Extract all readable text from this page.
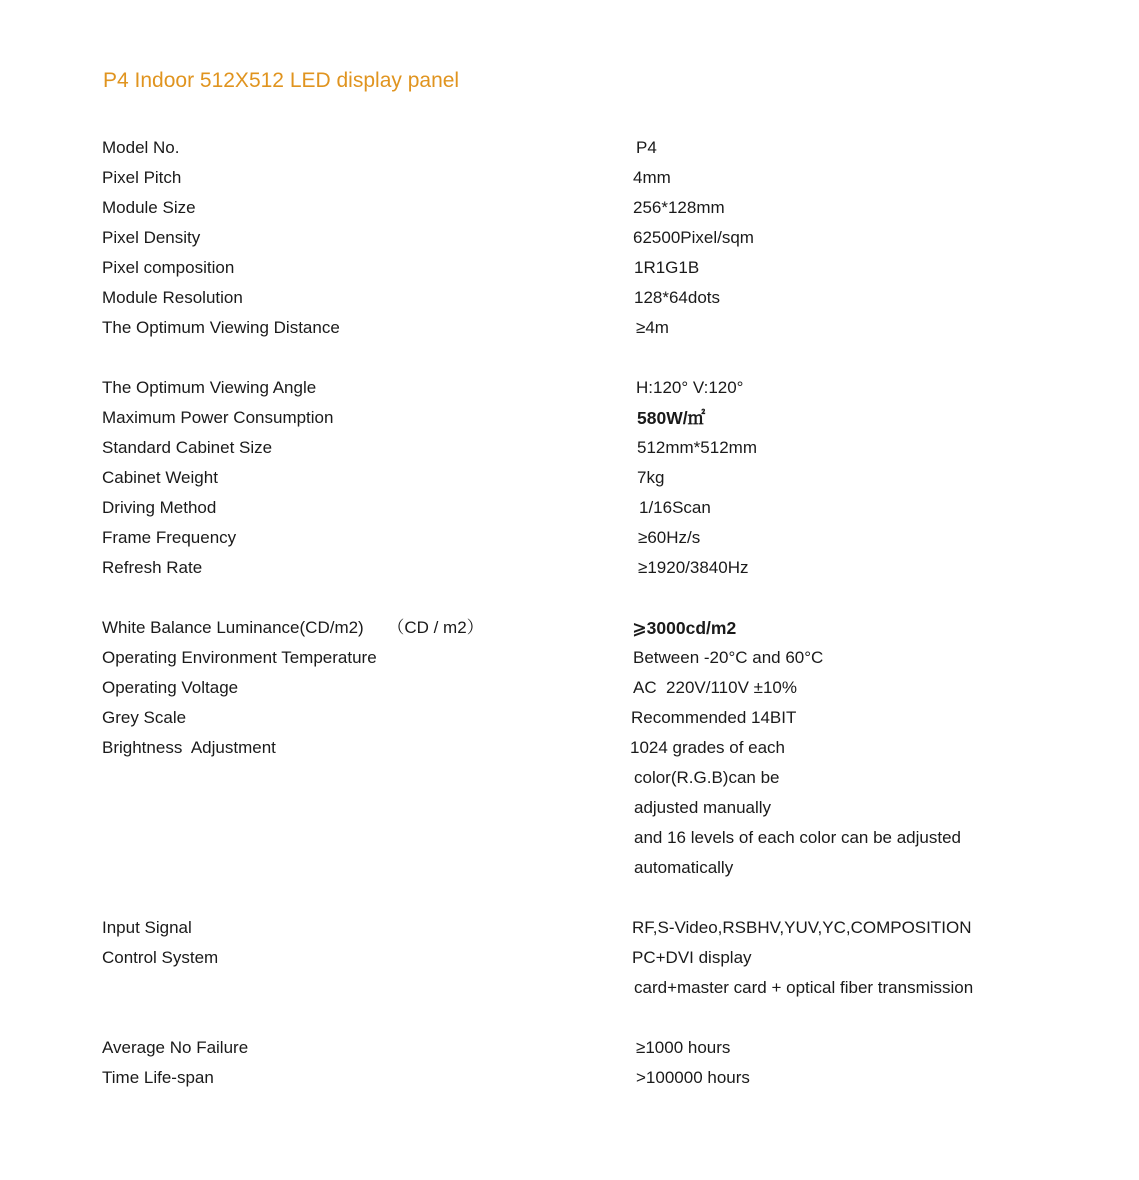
P4 Indoor 512X512 LED display panel
Model No.	P4
Pixel Pitch	4mm
Module Size	256*128mm
Pixel Density	62500Pixel/sqm
Pixel composition	1R1G1B
Module Resolution	128*64dots
The Optimum Viewing Distance	≥4m
The Optimum Viewing Angle	H:120° V:120°
Maximum Power Consumption	580W/㎡
Standard Cabinet Size	512mm*512mm
Cabinet Weight	7kg
Driving Method	1/16Scan
Frame Frequency	≥60Hz/s
Refresh Rate	≥1920/3840Hz
White Balance Luminance(CD/m2)     （CD / m2）	⩾3000cd/m2
Operating Environment Temperature	Between -20°C and 60°C
Operating Voltage	AC  220V/110V ±10%
Grey Scale	Recommended 14BIT
Brightness  Adjustment	1024 grades of each
color(R.G.B)can be
adjusted manually
and 16 levels of each color can be adjusted
automatically
Input Signal	RF,S-Video,RSBHV,YUV,YC,COMPOSITION
Control System	PC+DVI display
card+master card + optical fiber transmission
Average No Failure	≥1000 hours
Time Life-span	>100000 hours
